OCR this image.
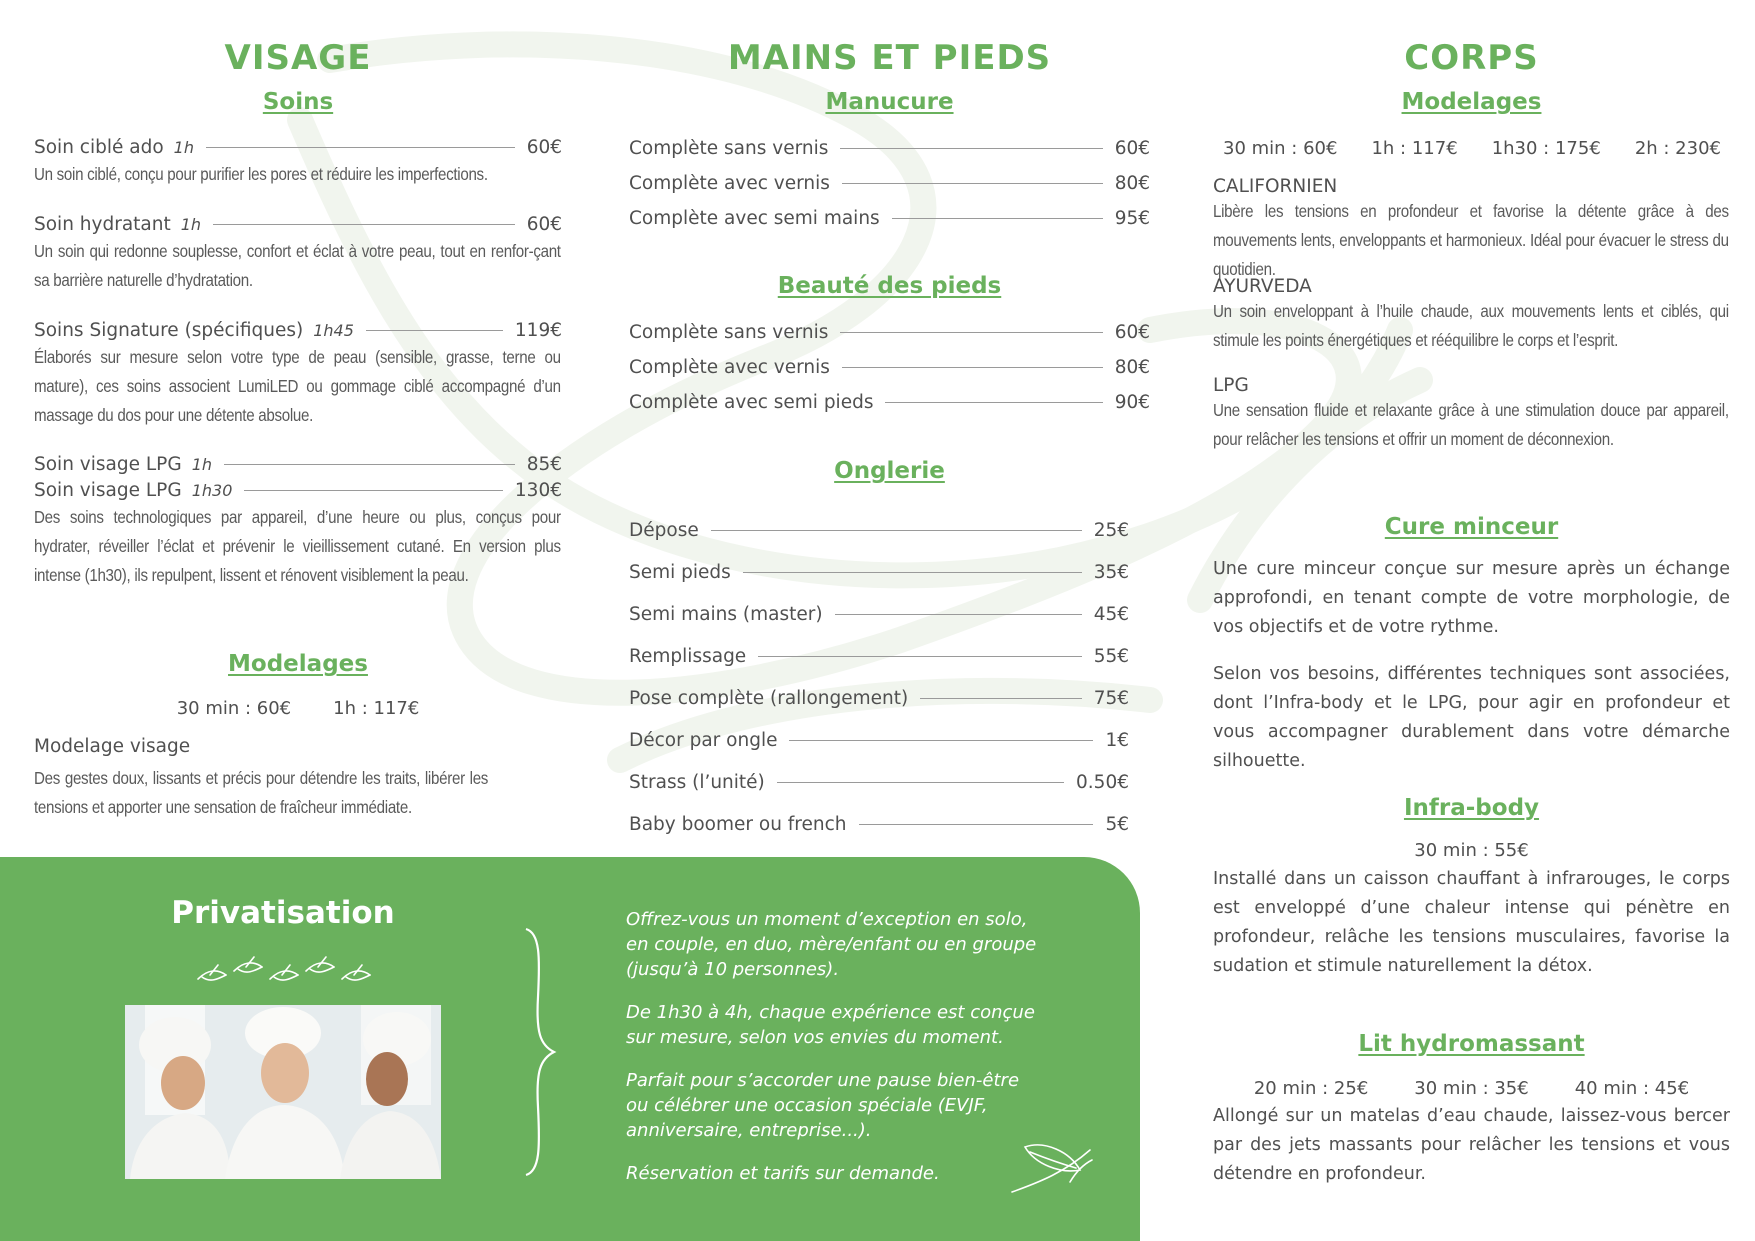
VISAGE
Soins
Soin ciblé ado 1h	60€
Un soin ciblé, conçu pour purifier les pores et réduire les imperfections.
Soin hydratant 1h	60€
Un soin qui redonne souplesse, confort et éclat à votre peau, tout en renfor-çant sa barrière naturelle d’hydratation.
Soins Signature (spécifiques) 1h45	119€
Élaborés sur mesure selon votre type de peau (sensible, grasse, terne ou mature), ces soins associent LumiLED ou gommage ciblé accompagné d’un massage du dos pour une détente absolue.
Soin visage LPG 1h	85€
Soin visage LPG 1h30	130€
Des soins technologiques par appareil, d’une heure ou plus, conçus pour hydrater, réveiller l’éclat et prévenir le vieillissement cutané. En version plus intense (1h30), ils repulpent, lissent et rénovent visiblement la peau.
Modelages
30 min : 60€ 1h : 117€
Modelage visage
Des gestes doux, lissants et précis pour détendre les traits, libérer les tensions et apporter une sensation de fraîcheur immédiate.
MAINS ET PIEDS
Manucure
Complète sans vernis	60€
Complète avec vernis	80€
Complète avec semi mains	95€
Beauté des pieds
Complète sans vernis	60€
Complète avec vernis	80€
Complète avec semi pieds	90€
Onglerie
Dépose	25€
Semi pieds	35€
Semi mains (master)	45€
Remplissage	55€
Pose complète (rallongement)	75€
Décor par ongle	1€
Strass (l’unité)	0.50€
Baby boomer ou french	5€
CORPS
Modelages
30 min : 60€ 1h : 117€ 1h30 : 175€ 2h : 230€
CALIFORNIEN
Libère les tensions en profondeur et favorise la détente grâce à des mouvements lents, enveloppants et harmonieux. Idéal pour évacuer le stress du quotidien.
AYURVEDA
Un soin enveloppant à l’huile chaude, aux mouvements lents et ciblés, qui stimule les points énergétiques et rééquilibre le corps et l’esprit.
LPG
Une sensation fluide et relaxante grâce à une stimulation douce par appareil, pour relâcher les tensions et offrir un moment de déconnexion.
Cure minceur
Une cure minceur conçue sur mesure après un échange approfondi, en tenant compte de votre morphologie, de vos objectifs et de votre rythme.
Selon vos besoins, différentes techniques sont associées, dont l’Infra-body et le LPG, pour agir en profondeur et vous accompagner durablement dans votre démarche silhouette.
Infra-body
30 min : 55€
Installé dans un caisson chauffant à infrarouges, le corps est enveloppé d’une chaleur intense qui pénètre en profondeur, relâche les tensions musculaires, favorise la sudation et stimule naturellement la détox.
Lit hydromassant
20 min : 25€	30 min : 35€	40 min : 45€
Allongé sur un matelas d’eau chaude, laissez-vous bercer par des jets massants pour relâcher les tensions et vous détendre en profondeur.
Privatisation	Offrez-vous un moment d’exception en solo, en couple, en duo, mère/enfant ou en groupe (jusqu’à 10 personnes).

De 1h30 à 4h, chaque expérience est conçue sur mesure, selon vos envies du moment.

Parfait pour s’accorder une pause bien-être ou célébrer une occasion spéciale (EVJF, anniversaire, entreprise...).

Réservation et tarifs sur demande.
